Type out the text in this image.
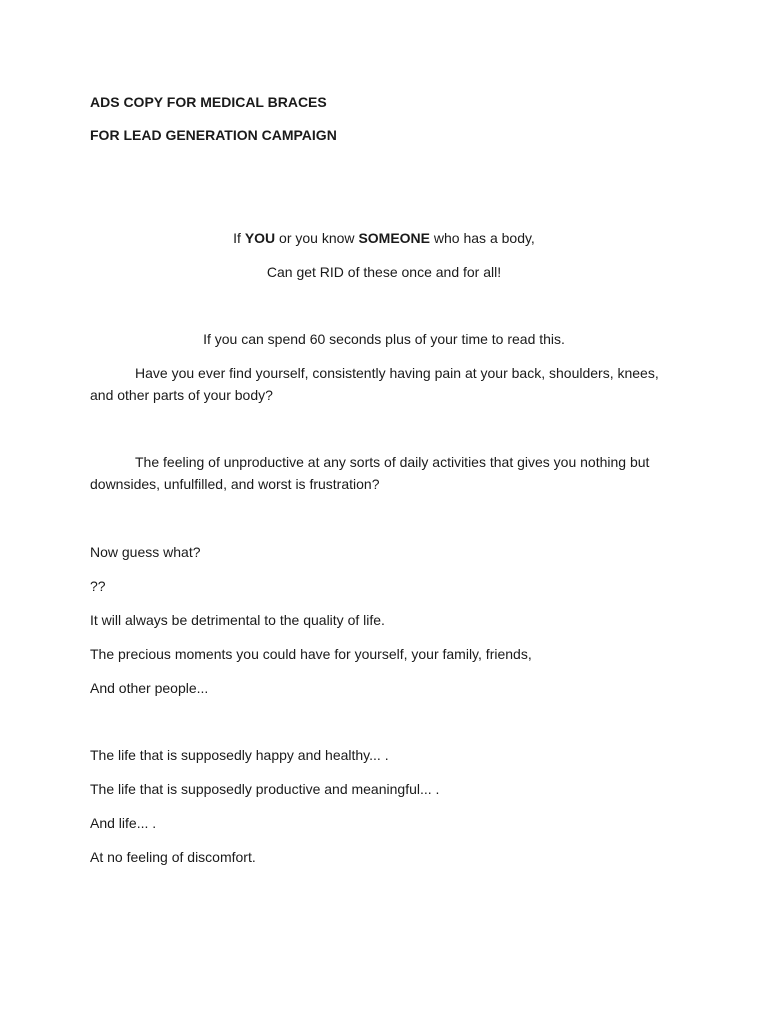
ADS COPY FOR MEDICAL BRACES
FOR LEAD GENERATION CAMPAIGN
If YOU or you know SOMEONE who has a body,
Can get RID of these once and for all!
If you can spend 60 seconds plus of your time to read this.
Have you ever find yourself, consistently having pain at your back, shoulders, knees, and other parts of your body?
The feeling of unproductive at any sorts of daily activities that gives you nothing but downsides, unfulfilled, and worst is frustration?
Now guess what?
??
It will always be detrimental to the quality of life.
The precious moments you could have for yourself, your family, friends,
And other people...
The life that is supposedly happy and healthy... .
The life that is supposedly productive and meaningful... .
And life... .
At no feeling of discomfort.
